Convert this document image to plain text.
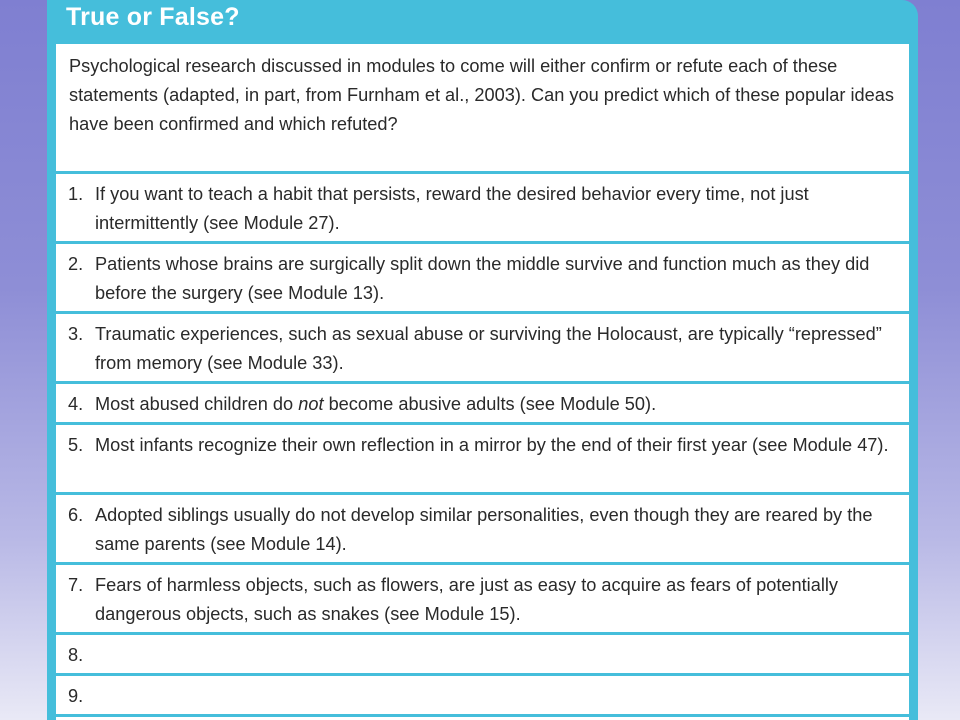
True or False?
Psychological research discussed in modules to come will either confirm or refute each of these statements (adapted, in part, from Furnham et al., 2003). Can you predict which of these popular ideas have been confirmed and which refuted?
1. If you want to teach a habit that persists, reward the desired behavior every time, not just intermittently (see Module 27).
2. Patients whose brains are surgically split down the middle survive and function much as they did before the surgery (see Module 13).
3. Traumatic experiences, such as sexual abuse or surviving the Holocaust, are typically “repressed” from memory (see Module 33).
4. Most abused children do not become abusive adults (see Module 50).
5. Most infants recognize their own reflection in a mirror by the end of their first year (see Module 47).
6. Adopted siblings usually do not develop similar personalities, even though they are reared by the same parents (see Module 14).
7. Fears of harmless objects, such as flowers, are just as easy to acquire as fears of potentially dangerous objects, such as snakes (see Module 15).
8.
9.
